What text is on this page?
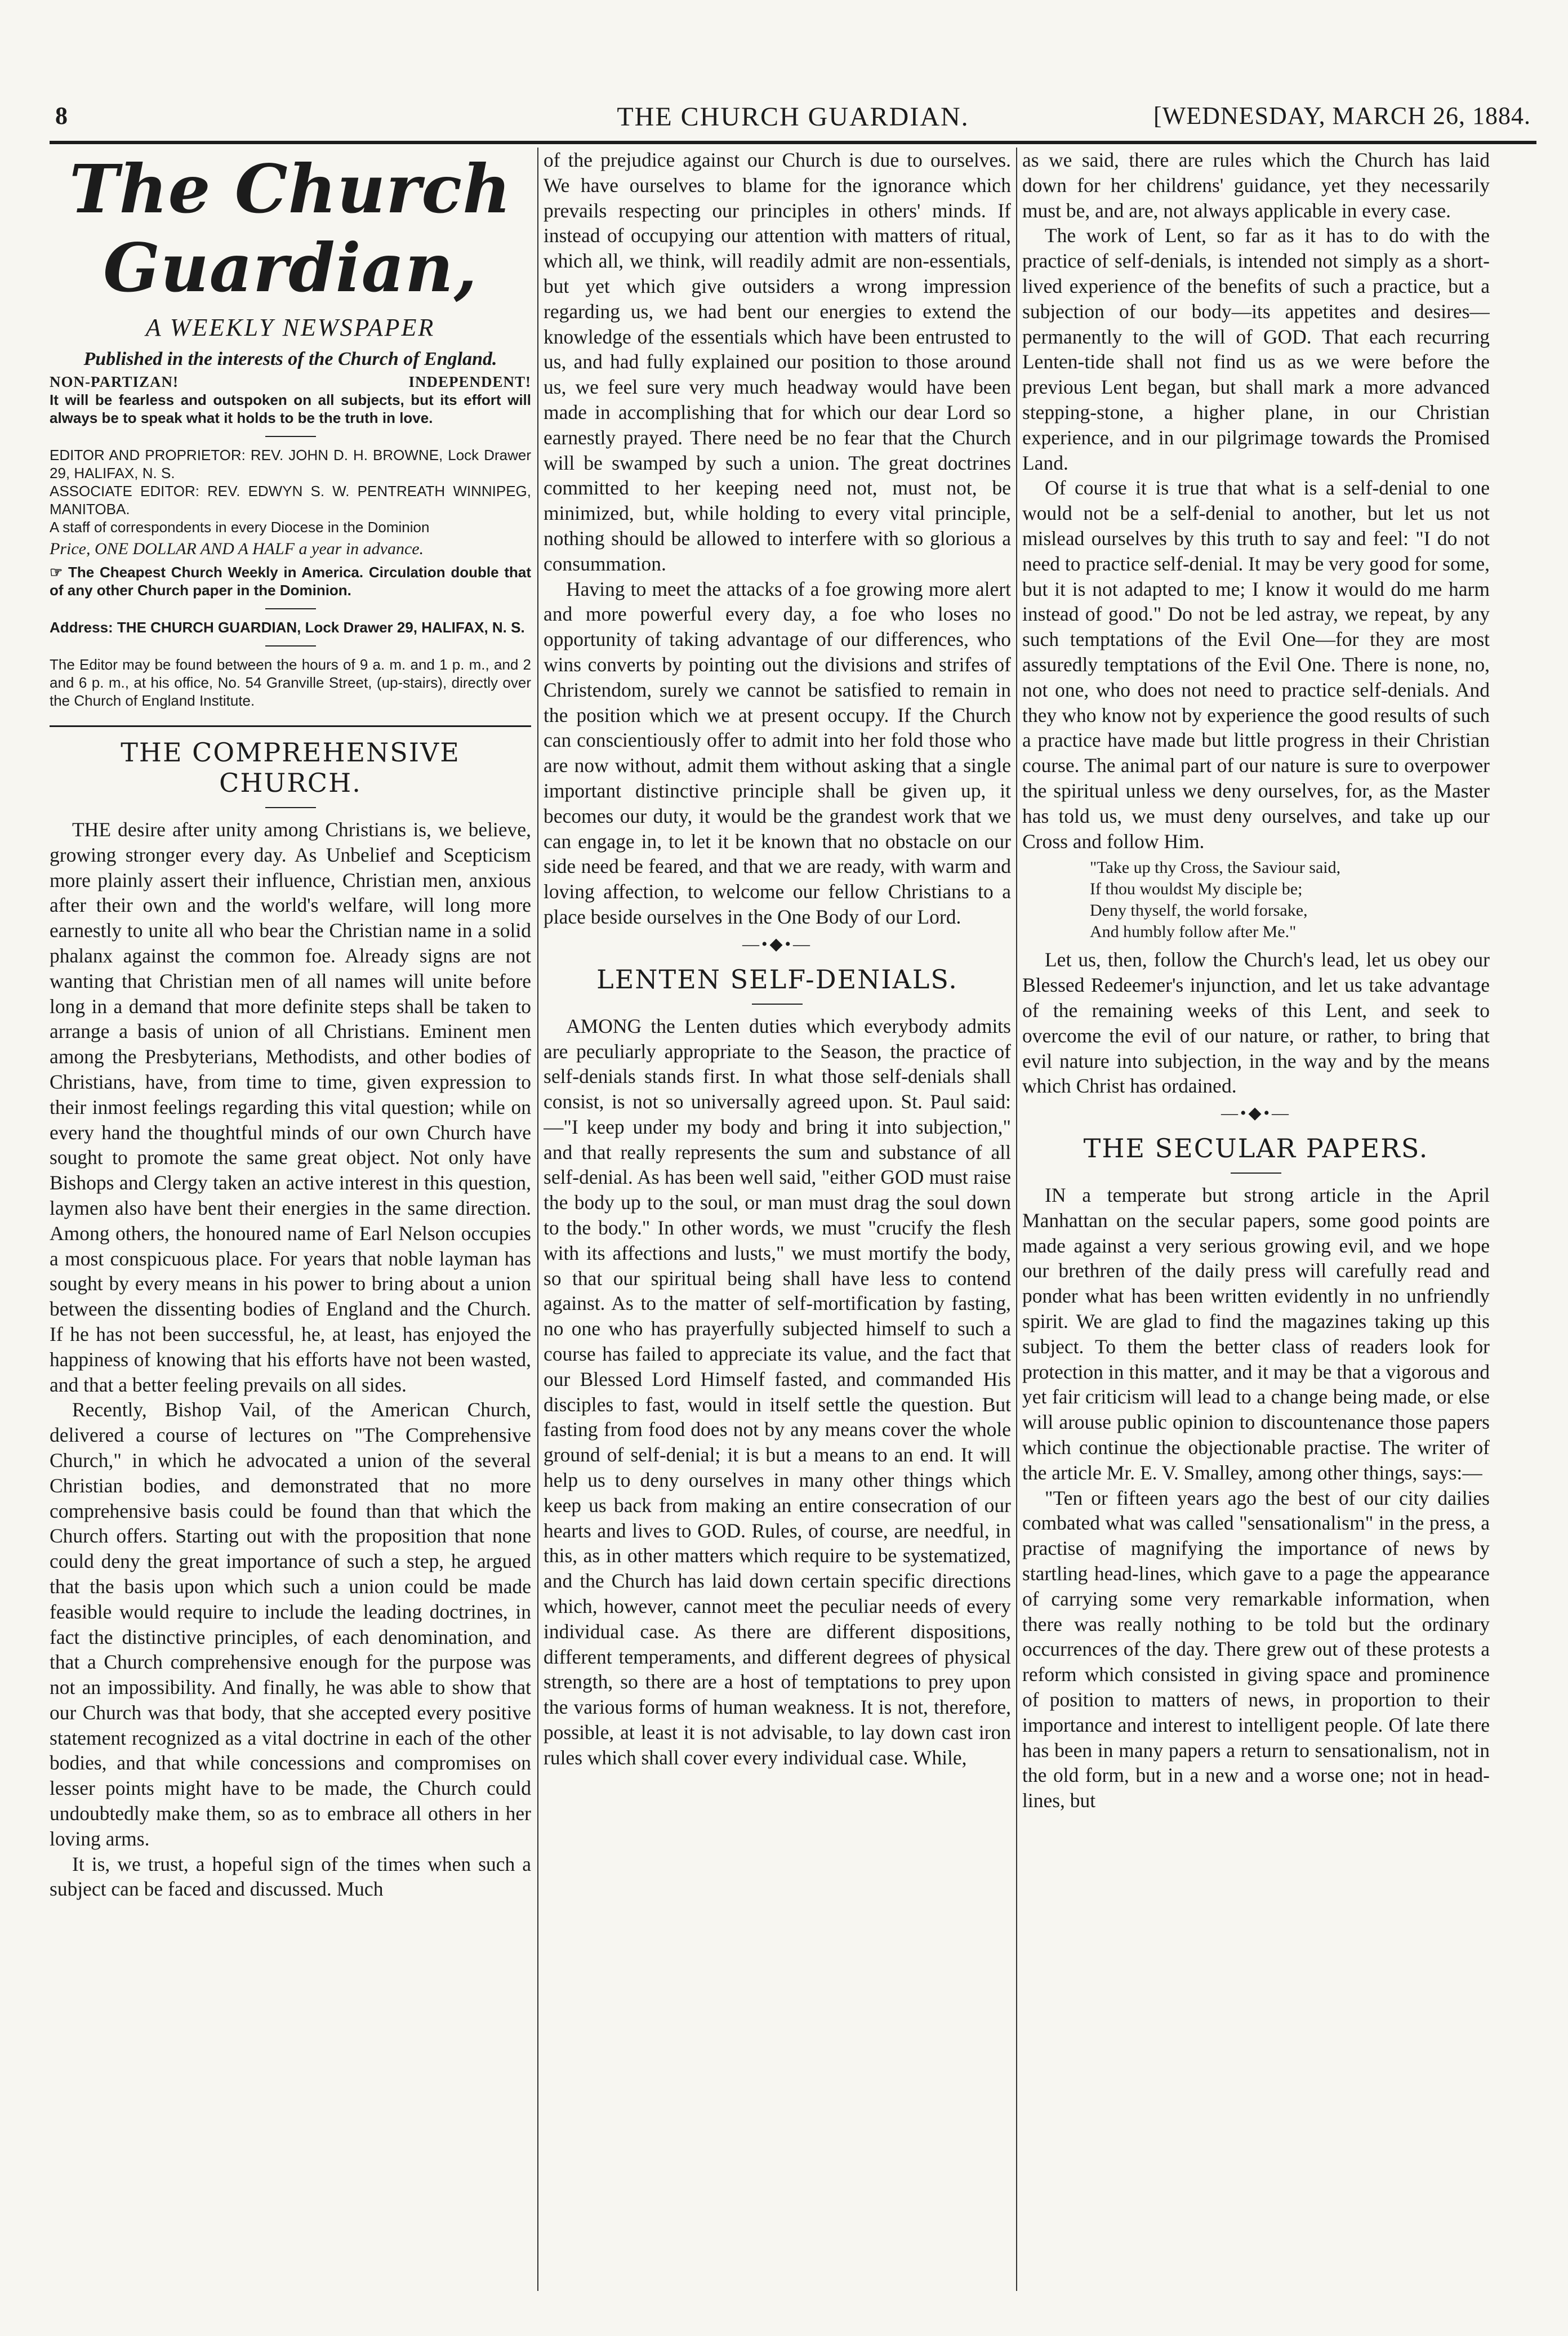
8	THE CHURCH GUARDIAN.	[WEDNESDAY, MARCH 26, 1884.
The Church Guardian,
A WEEKLY NEWSPAPER
Published in the interests of the Church of England.
NON-PARTIZAN!	INDEPENDENT!

It will be fearless and outspoken on all subjects, but its effort will always be to speak what it holds to be the truth in love.

EDITOR AND PROPRIETOR: REV. JOHN D. H. BROWNE, Lock Drawer 29, HALIFAX, N. S.

ASSOCIATE EDITOR: REV. EDWYN S. W. PENTREATH WINNIPEG, MANITOBA.

A staff of correspondents in every Diocese in the Dominion

Price, ONE DOLLAR AND A HALF a year in advance.

☞ The Cheapest Church Weekly in America. Circulation double that of any other Church paper in the Dominion.

Address: THE CHURCH GUARDIAN, Lock Drawer 29, HALIFAX, N. S.

The Editor may be found between the hours of 9 a. m. and 1 p. m., and 2 and 6 p. m., at his office, No. 54 Granville Street, (up-stairs), directly over the Church of England Institute.

THE COMPREHENSIVE CHURCH.

THE desire after unity among Christians is, we believe, growing stronger every day. As Unbelief and Scepticism more plainly assert their influence, Christian men, anxious after their own and the world's welfare, will long more earnestly to unite all who bear the Christian name in a solid phalanx against the common foe. Already signs are not wanting that Christian men of all names will unite before long in a demand that more definite steps shall be taken to arrange a basis of union of all Christians. Eminent men among the Presbyterians, Methodists, and other bodies of Christians, have, from time to time, given expression to their inmost feelings regarding this vital question; while on every hand the thoughtful minds of our own Church have sought to promote the same great object. Not only have Bishops and Clergy taken an active interest in this question, laymen also have bent their energies in the same direction. Among others, the honoured name of Earl Nelson occupies a most conspicuous place. For years that noble layman has sought by every means in his power to bring about a union between the dissenting bodies of England and the Church. If he has not been successful, he, at least, has enjoyed the happiness of knowing that his efforts have not been wasted, and that a better feeling prevails on all sides.

Recently, Bishop Vail, of the American Church, delivered a course of lectures on "The Comprehensive Church," in which he advocated a union of the several Christian bodies, and demonstrated that no more comprehensive basis could be found than that which the Church offers. Starting out with the proposition that none could deny the great importance of such a step, he argued that the basis upon which such a union could be made feasible would require to include the leading doctrines, in fact the distinctive principles, of each denomination, and that a Church comprehensive enough for the purpose was not an impossibility. And finally, he was able to show that our Church was that body, that she accepted every positive statement recognized as a vital doctrine in each of the other bodies, and that while concessions and compromises on lesser points might have to be made, the Church could undoubtedly make them, so as to embrace all others in her loving arms.

It is, we trust, a hopeful sign of the times when such a subject can be faced and discussed. Much

of the prejudice against our Church is due to ourselves. We have ourselves to blame for the ignorance which prevails respecting our principles in others' minds. If instead of occupying our attention with matters of ritual, which all, we think, will readily admit are non-essentials, but yet which give outsiders a wrong impression regarding us, we had bent our energies to extend the knowledge of the essentials which have been entrusted to us, and had fully explained our position to those around us, we feel sure very much headway would have been made in accomplishing that for which our dear Lord so earnestly prayed. There need be no fear that the Church will be swamped by such a union. The great doctrines committed to her keeping need not, must not, be minimized, but, while holding to every vital principle, nothing should be allowed to interfere with so glorious a consummation.

Having to meet the attacks of a foe growing more alert and more powerful every day, a foe who loses no opportunity of taking advantage of our differences, who wins converts by pointing out the divisions and strifes of Christendom, surely we cannot be satisfied to remain in the position which we at present occupy. If the Church can conscientiously offer to admit into her fold those who are now without, admit them without asking that a single important distinctive principle shall be given up, it becomes our duty, it would be the grandest work that we can engage in, to let it be known that no obstacle on our side need be feared, and that we are ready, with warm and loving affection, to welcome our fellow Christians to a place beside ourselves in the One Body of our Lord.

—•◆•—
LENTEN SELF-DENIALS.

AMONG the Lenten duties which everybody admits are peculiarly appropriate to the Season, the practice of self-denials stands first. In what those self-denials shall consist, is not so universally agreed upon. St. Paul said:—"I keep under my body and bring it into subjection," and that really represents the sum and substance of all self-denial. As has been well said, "either GOD must raise the body up to the soul, or man must drag the soul down to the body." In other words, we must "crucify the flesh with its affections and lusts," we must mortify the body, so that our spiritual being shall have less to contend against. As to the matter of self-mortification by fasting, no one who has prayerfully subjected himself to such a course has failed to appreciate its value, and the fact that our Blessed Lord Himself fasted, and commanded His disciples to fast, would in itself settle the question. But fasting from food does not by any means cover the whole ground of self-denial; it is but a means to an end. It will help us to deny ourselves in many other things which keep us back from making an entire consecration of our hearts and lives to GOD. Rules, of course, are needful, in this, as in other matters which require to be systematized, and the Church has laid down certain specific directions which, however, cannot meet the peculiar needs of every individual case. As there are different dispositions, different temperaments, and different degrees of physical strength, so there are a host of temptations to prey upon the various forms of human weakness. It is not, therefore, possible, at least it is not advisable, to lay down cast iron rules which shall cover every individual case. While,

as we said, there are rules which the Church has laid down for her childrens' guidance, yet they necessarily must be, and are, not always applicable in every case.

The work of Lent, so far as it has to do with the practice of self-denials, is intended not simply as a short-lived experience of the benefits of such a practice, but a subjection of our body—its appetites and desires—permanently to the will of GOD. That each recurring Lenten-tide shall not find us as we were before the previous Lent began, but shall mark a more advanced stepping-stone, a higher plane, in our Christian experience, and in our pilgrimage towards the Promised Land.

Of course it is true that what is a self-denial to one would not be a self-denial to another, but let us not mislead ourselves by this truth to say and feel: "I do not need to practice self-denial. It may be very good for some, but it is not adapted to me; I know it would do me harm instead of good." Do not be led astray, we repeat, by any such temptations of the Evil One—for they are most assuredly temptations of the Evil One. There is none, no, not one, who does not need to practice self-denials. And they who know not by experience the good results of such a practice have made but little progress in their Christian course. The animal part of our nature is sure to overpower the spiritual unless we deny ourselves, for, as the Master has told us, we must deny ourselves, and take up our Cross and follow Him.

"Take up thy Cross, the Saviour said,
If thou wouldst My disciple be;
Deny thyself, the world forsake,
And humbly follow after Me."

Let us, then, follow the Church's lead, let us obey our Blessed Redeemer's injunction, and let us take advantage of the remaining weeks of this Lent, and seek to overcome the evil of our nature, or rather, to bring that evil nature into subjection, in the way and by the means which Christ has ordained.

—•◆•—
THE SECULAR PAPERS.

IN a temperate but strong article in the April Manhattan on the secular papers, some good points are made against a very serious growing evil, and we hope our brethren of the daily press will carefully read and ponder what has been written evidently in no unfriendly spirit. We are glad to find the magazines taking up this subject. To them the better class of readers look for protection in this matter, and it may be that a vigorous and yet fair criticism will lead to a change being made, or else will arouse public opinion to discountenance those papers which continue the objectionable practise. The writer of the article Mr. E. V. Smalley, among other things, says:—

"Ten or fifteen years ago the best of our city dailies combated what was called "sensationalism" in the press, a practise of magnifying the importance of news by startling head-lines, which gave to a page the appearance of carrying some very remarkable information, when there was really nothing to be told but the ordinary occurrences of the day. There grew out of these protests a reform which consisted in giving space and prominence of position to matters of news, in proportion to their importance and interest to intelligent people. Of late there has been in many papers a return to sensationalism, not in the old form, but in a new and a worse one; not in head-lines, but
